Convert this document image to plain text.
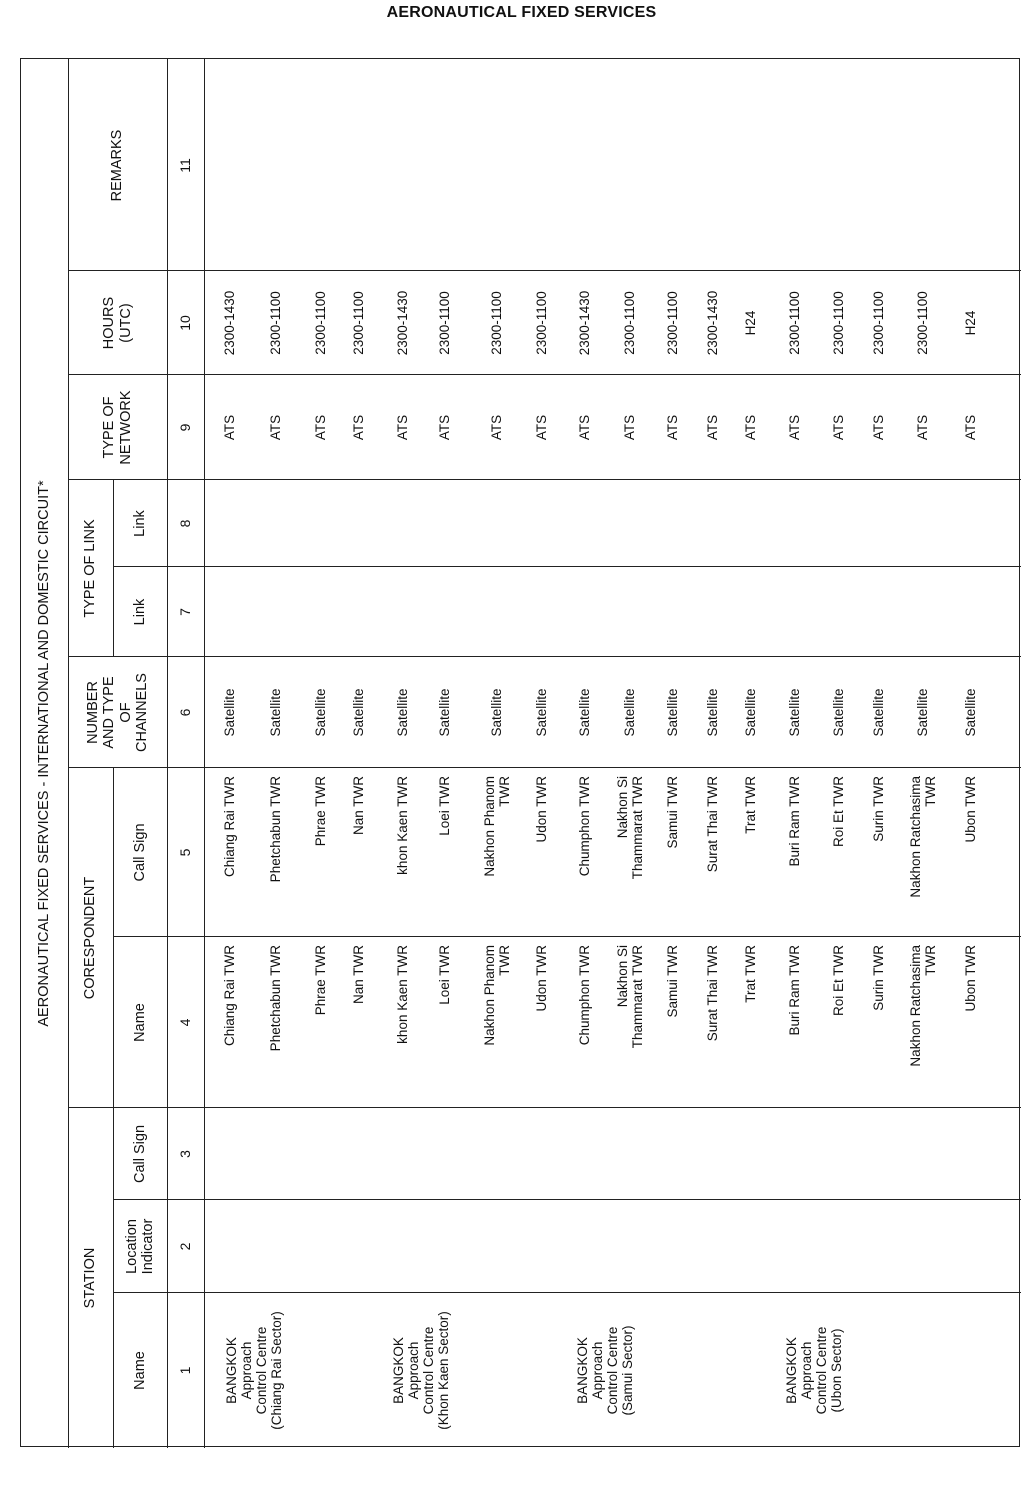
AERONAUTICAL FIXED SERVICES
AERONAUTICAL FIXED SERVICES - INTERNATIONAL AND DOMESTIC CIRCUIT*
STATION
CORESPONDENT
TYPE OF LINK
Name
Location
Indicator
Call Sign
Name
Call Sign
NUMBER
AND TYPE
OF
CHANNELS
Link
Link
TYPE OF
NETWORK
HOURS
(UTC)
REMARKS
1
2
3
4
5
6
7
8
9
10
11
BANGKOK
Approach
Control Centre
(Chiang Rai Sector)
BANGKOK
Approach
Control Centre
(Khon Kaen Sector)
BANGKOK
Approach
Control Centre
(Samui Sector)	BANGKOK
Approach
Control Centre
(Ubon Sector)
Chiang Rai TWR
Chiang Rai TWR
Satellite
ATS
2300-1430
Phetchabun TWR
Phetchabun TWR
Satellite
ATS
2300-1100
Phrae TWR
Phrae TWR
Satellite
ATS
2300-1100
Nan TWR
Nan TWR
Satellite
ATS
2300-1100
khon Kaen TWR
khon Kaen TWR
Satellite
ATS
2300-1430
Loei TWR
Loei TWR
Satellite
ATS
2300-1100
Nakhon Phanom
TWR
Nakhon Phanom
TWR
Satellite
ATS
2300-1100
Udon TWR
Udon TWR
Satellite
ATS
2300-1100
Chumphon TWR
Chumphon TWR
Satellite
ATS
2300-1430
Nakhon Si
Thammarat TWR
Nakhon Si
Thammarat TWR
Satellite
ATS
2300-1100
Samui TWR
Samui TWR
Satellite
ATS
2300-1100
Surat Thai TWR
Surat Thai TWR
Satellite
ATS
2300-1430
Trat TWR
Trat TWR
Satellite
ATS
H24
Buri Ram TWR
Buri Ram TWR
Satellite
ATS
2300-1100
Roi Et TWR
Roi Et TWR
Satellite
ATS
2300-1100
Surin TWR
Surin TWR
Satellite
ATS
2300-1100
Nakhon Ratchasima
TWR
Nakhon Ratchasima
TWR
Satellite
ATS
2300-1100
Ubon TWR
Ubon TWR
Satellite
ATS
H24
